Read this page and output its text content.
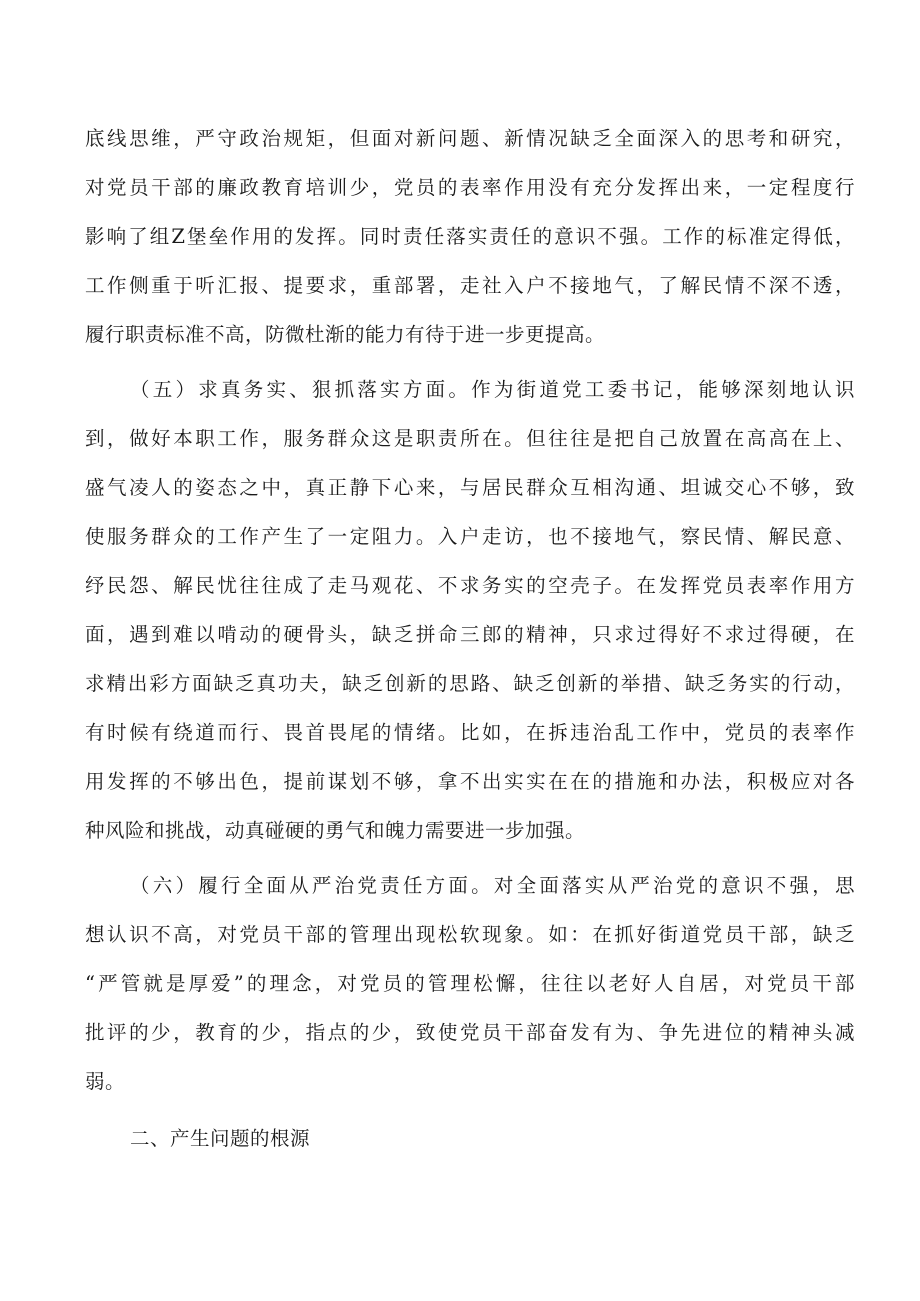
底线思维，严守政治规矩，但面对新问题、新情况缺乏全面深入的思考和研究，
对党员干部的廉政教育培训少，党员的表率作用没有充分发挥出来，一定程度行
影响了组Z堡垒作用的发挥。同时责任落实责任的意识不强。工作的标准定得低，
工作侧重于听汇报、提要求，重部署，走社入户不接地气，了解民情不深不透，
履行职责标准不高，防微杜渐的能力有待于进一步更提高。
（五）求真务实、狠抓落实方面。作为街道党工委书记，能够深刻地认识
到，做好本职工作，服务群众这是职责所在。但往往是把自己放置在高高在上、
盛气凌人的姿态之中，真正静下心来，与居民群众互相沟通、坦诚交心不够，致
使服务群众的工作产生了一定阻力。入户走访，也不接地气，察民情、解民意、
纾民怨、解民忧往往成了走马观花、不求务实的空壳子。在发挥党员表率作用方
面，遇到难以啃动的硬骨头，缺乏拼命三郎的精神，只求过得好不求过得硬，在
求精出彩方面缺乏真功夫，缺乏创新的思路、缺乏创新的举措、缺乏务实的行动，
有时候有绕道而行、畏首畏尾的情绪。比如，在拆违治乱工作中，党员的表率作
用发挥的不够出色，提前谋划不够，拿不出实实在在的措施和办法，积极应对各
种风险和挑战，动真碰硬的勇气和魄力需要进一步加强。
（六）履行全面从严治党责任方面。对全面落实从严治党的意识不强，思
想认识不高，对党员干部的管理出现松软现象。如：在抓好街道党员干部，缺乏
“严管就是厚爱”的理念，对党员的管理松懈，往往以老好人自居，对党员干部
批评的少，教育的少，指点的少，致使党员干部奋发有为、争先进位的精神头减
弱。
二、产生问题的根源
